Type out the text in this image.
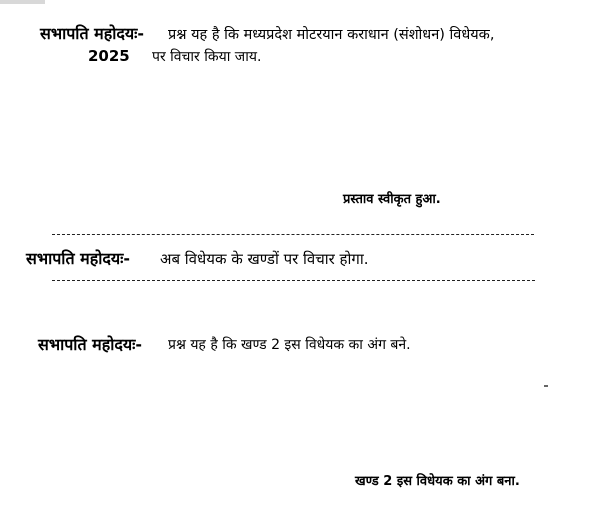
सभापति महोदयः- प्रश्न यह है कि मध्यप्रदेश मोटरयान कराधान (संशोधन) विधेयक,
2025 पर विचार किया जाय.
प्रस्ताव स्वीकृत हुआ.
सभापति महोदयः- अब विधेयक के खण्डों पर विचार होगा.
सभापति महोदयः- प्रश्न यह है कि खण्ड 2 इस विधेयक का अंग बने.
खण्ड 2 इस विधेयक का अंग बना.
